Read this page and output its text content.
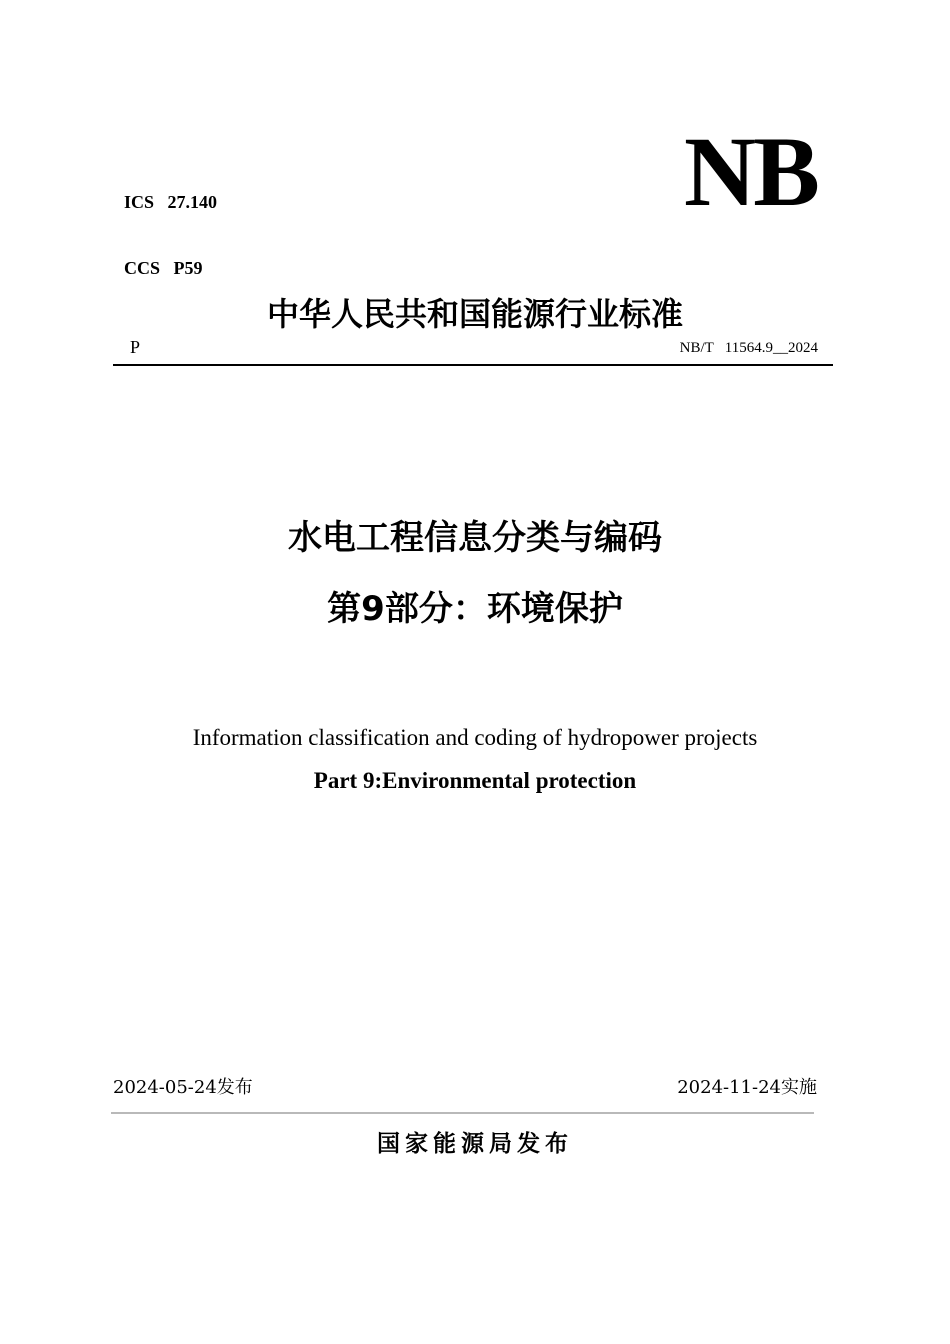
ICS   27.140

CCS   P59

NB
中华人民共和国能源行业标准
P	NB/T   11564.9__2024
水电工程信息分类与编码
第9部分：环境保护
Information classification and coding of hydropower projects
Part 9:Environmental protection
2024-05-24发布	2024-11-24实施
国家能源局发布
